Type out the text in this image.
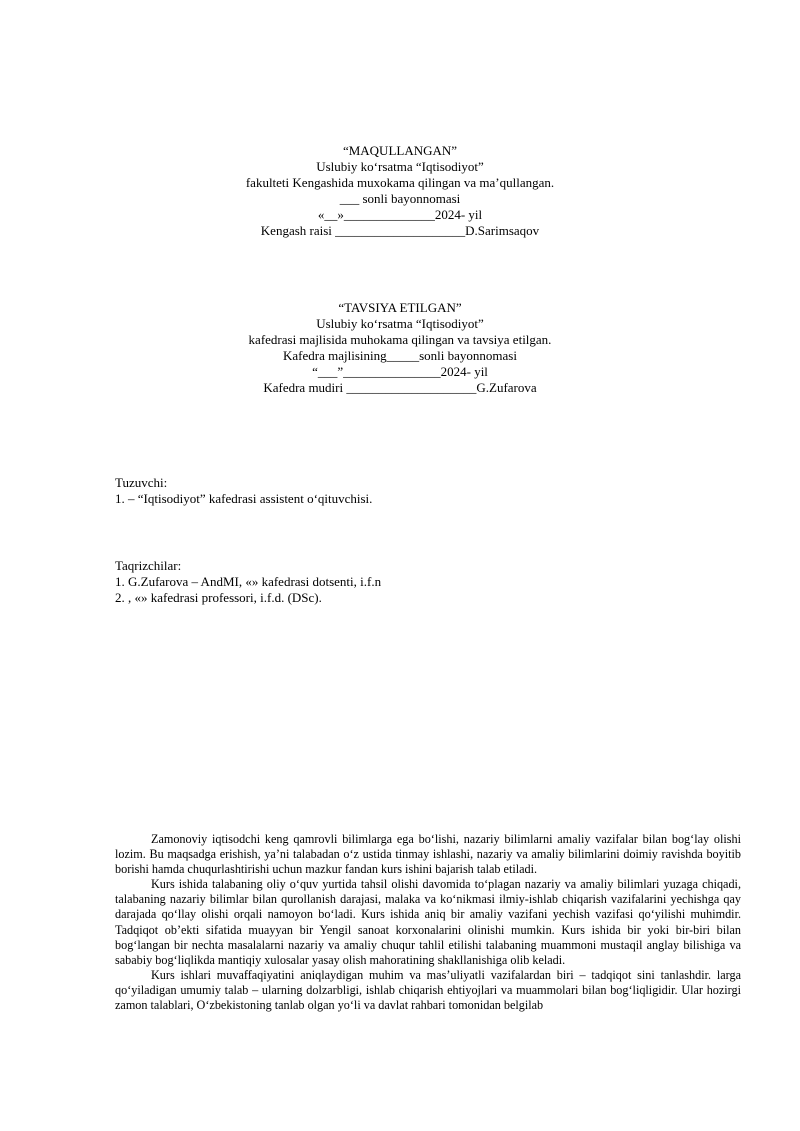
“MAQULLANGAN”
Uslubiy koʻrsatma “Iqtisodiyot”
fakulteti Kengashida muxokama qilingan va maʼqullangan.
___ sonli bayonnomasi
«__»______________2024- yil
Kengash raisi ____________________D.Sarimsaqov
“TAVSIYA ETILGAN”
Uslubiy koʻrsatma “Iqtisodiyot”
kafedrasi majlisida muhokama qilingan va tavsiya etilgan.
Kafedra majlisining_____sonli bayonnomasi
“___”_______________2024- yil
Kafedra mudiri ____________________G.Zufarova
Tuzuvchi:
1. – “Iqtisodiyot” kafedrasi assistent oʻqituvchisi.
Taqrizchilar:
1. G.Zufarova – AndMI, «» kafedrasi dotsenti, i.f.n
2. , «» kafedrasi professori, i.f.d. (DSc).

Zamonoviy iqtisodchi keng qamrovli bilimlarga ega boʻlishi, nazariy bilimlarni amaliy vazifalar bilan bogʻlay olishi lozim. Bu maqsadga erishish, yaʼni talabadan oʻz ustida tinmay ishlashi, nazariy va amaliy bilimlarini doimiy ravishda boyitib borishi hamda chuqurlashtirishi uchun mazkur fandan kurs ishini bajarish talab etiladi.

Kurs ishida talabaning oliy oʻquv yurtida tahsil olishi davomida toʻplagan nazariy va amaliy bilimlari yuzaga chiqadi, talabaning nazariy bilimlar bilan qurollanish darajasi, malaka va koʻnikmasi ilmiy-ishlab chiqarish vazifalarini yechishga qay darajada qoʻllay olishi orqali namoyon boʻladi. Kurs ishida aniq bir amaliy vazifani yechish vazifasi qoʻyilishi muhimdir. Tadqiqot obʼekti sifatida muayyan bir Yengil sanoat korxonalarini olinishi mumkin. Kurs ishida bir yoki bir-biri bilan bogʻlangan bir nechta masalalarni nazariy va amaliy chuqur tahlil etilishi talabaning muammoni mustaqil anglay bilishiga va sababiy bogʻliqlikda mantiqiy xulosalar yasay olish mahoratining shakllanishiga olib keladi.

Kurs ishlari muvaffaqiyatini aniqlaydigan muhim va masʼuliyatli vazifalardan biri – tadqiqot sini tanlashdir. larga qoʻyiladigan umumiy talab – ularning dolzarbligi, ishlab chiqarish ehtiyojlari va muammolari bilan bogʻliqligidir. Ular hozirgi zamon talablari, Oʻzbekistoning tanlab olgan yoʻli va davlat rahbari tomonidan belgilab
